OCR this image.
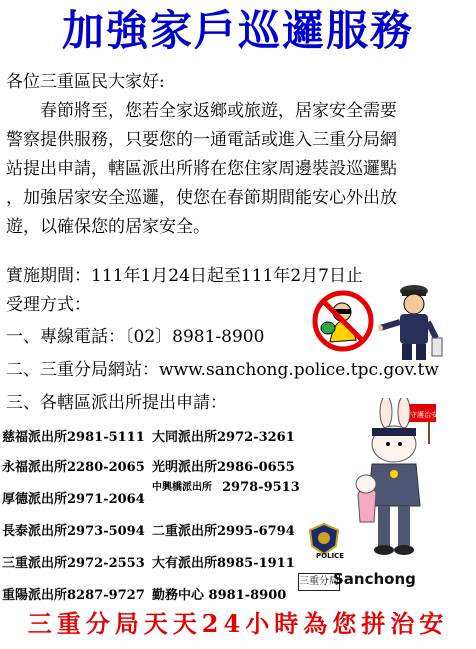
加強家戶巡邏服務
各位三重區民大家好:
　　春節將至，您若全家返鄉或旅遊，居家安全需要
警察提供服務，只要您的一通電話或進入三重分局網
站提出申請，轄區派出所將在您住家周邊裝設巡邏點
，加強居家安全巡邏，使您在春節期間能安心外出放
遊，以確保您的居家安全。
實施期間：111年1月24日起至111年2月7日止
受理方式：
一、專線電話：〔02〕8981-8900
二、三重分局網站：www.sanchong.police.tpc.gov.tw
三、各轄區派出所提出申請：
慈福派出所2981-5111 大同派出所2972-3261
永福派出所2280-2065 光明派出所2986-0655
厚德派出所2971-2064
中興橋派出所 2978-9513
長泰派出所2973-5094 二重派出所2995-6794
三重派出所2972-2553 大有派出所8985-1911
重陽派出所8287-9727 勤務中心 8981-8900
守護治安
POLICE
三重分局
Sanchong
三重分局天天24小時為您拼治安
